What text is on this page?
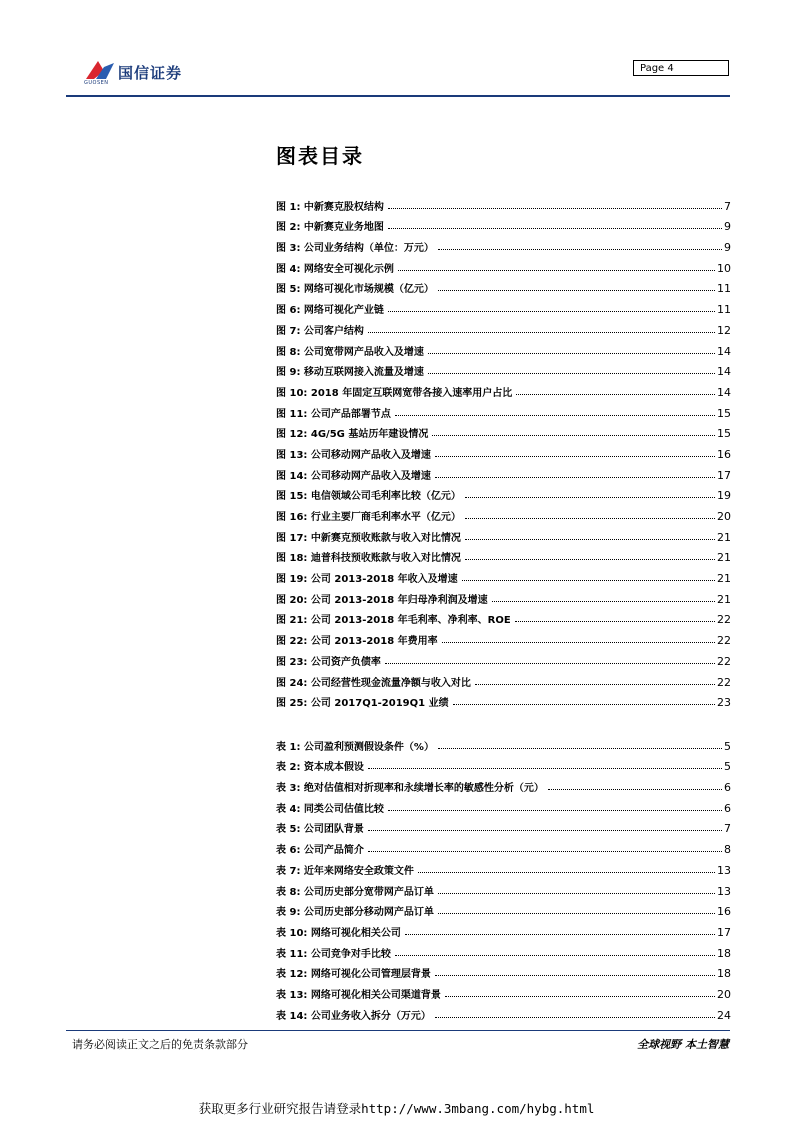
国信证券
GUOSEN
Page 4
图表目录
图 1: 中新赛克股权结构	7
图 2: 中新赛克业务地图	9
图 3: 公司业务结构（单位：万元）	9
图 4: 网络安全可视化示例	10
图 5: 网络可视化市场规模（亿元）	11
图 6: 网络可视化产业链	11
图 7: 公司客户结构	12
图 8: 公司宽带网产品收入及增速	14
图 9: 移动互联网接入流量及增速	14
图 10: 2018 年固定互联网宽带各接入速率用户占比	14
图 11: 公司产品部署节点	15
图 12: 4G/5G 基站历年建设情况	15
图 13: 公司移动网产品收入及增速	16
图 14: 公司移动网产品收入及增速	17
图 15: 电信领域公司毛利率比较（亿元）	19
图 16: 行业主要厂商毛利率水平（亿元）	20
图 17: 中新赛克预收账款与收入对比情况	21
图 18: 迪普科技预收账款与收入对比情况	21
图 19: 公司 2013-2018 年收入及增速	21
图 20: 公司 2013-2018 年归母净利润及增速	21
图 21: 公司 2013-2018 年毛利率、净利率、ROE	22
图 22: 公司 2013-2018 年费用率	22
图 23: 公司资产负债率	22
图 24: 公司经营性现金流量净额与收入对比	22
图 25: 公司 2017Q1-2019Q1 业绩	23
表 1: 公司盈利预测假设条件（%）	5
表 2: 资本成本假设	5
表 3: 绝对估值相对折现率和永续增长率的敏感性分析（元）	6
表 4: 同类公司估值比较	6
表 5: 公司团队背景	7
表 6: 公司产品简介	8
表 7: 近年来网络安全政策文件	13
表 8: 公司历史部分宽带网产品订单	13
表 9: 公司历史部分移动网产品订单	16
表 10: 网络可视化相关公司	17
表 11: 公司竞争对手比较	18
表 12: 网络可视化公司管理层背景	18
表 13: 网络可视化相关公司渠道背景	20
表 14: 公司业务收入拆分（万元）	24
请务必阅读正文之后的免责条款部分	全球视野 本土智慧
获取更多行业研究报告请登录http://www.3mbang.com/hybg.html
